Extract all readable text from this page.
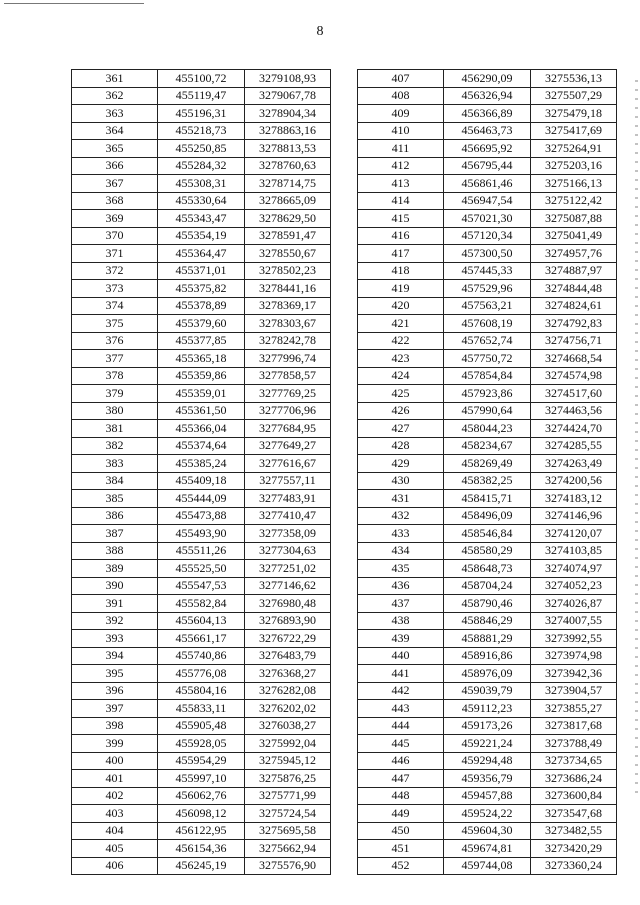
8
361	455100,72	3279108,93
362	455119,47	3279067,78
363	455196,31	3278904,34
364	455218,73	3278863,16
365	455250,85	3278813,53
366	455284,32	3278760,63
367	455308,31	3278714,75
368	455330,64	3278665,09
369	455343,47	3278629,50
370	455354,19	3278591,47
371	455364,47	3278550,67
372	455371,01	3278502,23
373	455375,82	3278441,16
374	455378,89	3278369,17
375	455379,60	3278303,67
376	455377,85	3278242,78
377	455365,18	3277996,74
378	455359,86	3277858,57
379	455359,01	3277769,25
380	455361,50	3277706,96
381	455366,04	3277684,95
382	455374,64	3277649,27
383	455385,24	3277616,67
384	455409,18	3277557,11
385	455444,09	3277483,91
386	455473,88	3277410,47
387	455493,90	3277358,09
388	455511,26	3277304,63
389	455525,50	3277251,02
390	455547,53	3277146,62
391	455582,84	3276980,48
392	455604,13	3276893,90
393	455661,17	3276722,29
394	455740,86	3276483,79
395	455776,08	3276368,27
396	455804,16	3276282,08
397	455833,11	3276202,02
398	455905,48	3276038,27
399	455928,05	3275992,04
400	455954,29	3275945,12
401	455997,10	3275876,25
402	456062,76	3275771,99
403	456098,12	3275724,54
404	456122,95	3275695,58
405	456154,36	3275662,94
406	456245,19	3275576,90
407	456290,09	3275536,13
408	456326,94	3275507,29
409	456366,89	3275479,18
410	456463,73	3275417,69
411	456695,92	3275264,91
412	456795,44	3275203,16
413	456861,46	3275166,13
414	456947,54	3275122,42
415	457021,30	3275087,88
416	457120,34	3275041,49
417	457300,50	3274957,76
418	457445,33	3274887,97
419	457529,96	3274844,48
420	457563,21	3274824,61
421	457608,19	3274792,83
422	457652,74	3274756,71
423	457750,72	3274668,54
424	457854,84	3274574,98
425	457923,86	3274517,60
426	457990,64	3274463,56
427	458044,23	3274424,70
428	458234,67	3274285,55
429	458269,49	3274263,49
430	458382,25	3274200,56
431	458415,71	3274183,12
432	458496,09	3274146,96
433	458546,84	3274120,07
434	458580,29	3274103,85
435	458648,73	3274074,97
436	458704,24	3274052,23
437	458790,46	3274026,87
438	458846,29	3274007,55
439	458881,29	3273992,55
440	458916,86	3273974,98
441	458976,09	3273942,36
442	459039,79	3273904,57
443	459112,23	3273855,27
444	459173,26	3273817,68
445	459221,24	3273788,49
446	459294,48	3273734,65
447	459356,79	3273686,24
448	459457,88	3273600,84
449	459524,22	3273547,68
450	459604,30	3273482,55
451	459674,81	3273420,29
452	459744,08	3273360,24
